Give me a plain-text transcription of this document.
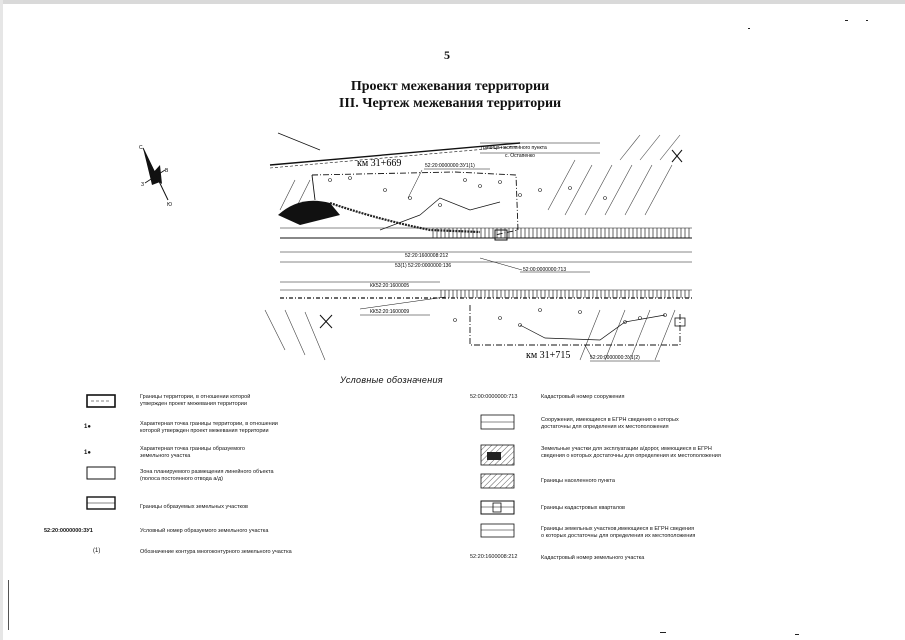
5
Проект межевания территории
III. Чертеж межевания территории
С
В
З
Ю
граница населенного пункта
с. Остапенко
52:20:1600008:212
53(1) 52:20:0000000:136
52:00:0000000:713
КК52:20:1600005
КК52:20:1600009
52:20:0000000:ЗУ1(2)
52:20:0000000:ЗУ1(1)
км 31+669
км 31+715
Условные обозначения
1●
1●
52:20:0000000:ЗУ1
(1)
Границы территории, в отношении которой
утвержден проект межевания территории
Характерная точка границы территории, в отношении
которой утвержден проект межевания территории
Характерная точка границы образуемого
земельного участка
Зона планируемого размещения линейного объекта
(полоса постоянного отвода а/д)
Границы образуемых земельных участков
Условный номер образуемого земельного участка
Обозначение контура многоконтурного земельного участка
52:00:0000000:713
52:20:1600008:212
Кадастровый номер сооружения
Сооружения, имеющиеся в ЕГРН сведения о которых
достаточны для определения их местоположения
Земельные участки для эксплуатации а/дорог, имеющиеся в ЕГРН
сведения о которых достаточны для определения их местоположения
Границы населенного пункта
Границы кадастровых кварталов
Границы земельных участков,имеющиеся в ЕГРН сведения
о которых достаточны для определения их местоположения
Кадастровый номер земельного участка
